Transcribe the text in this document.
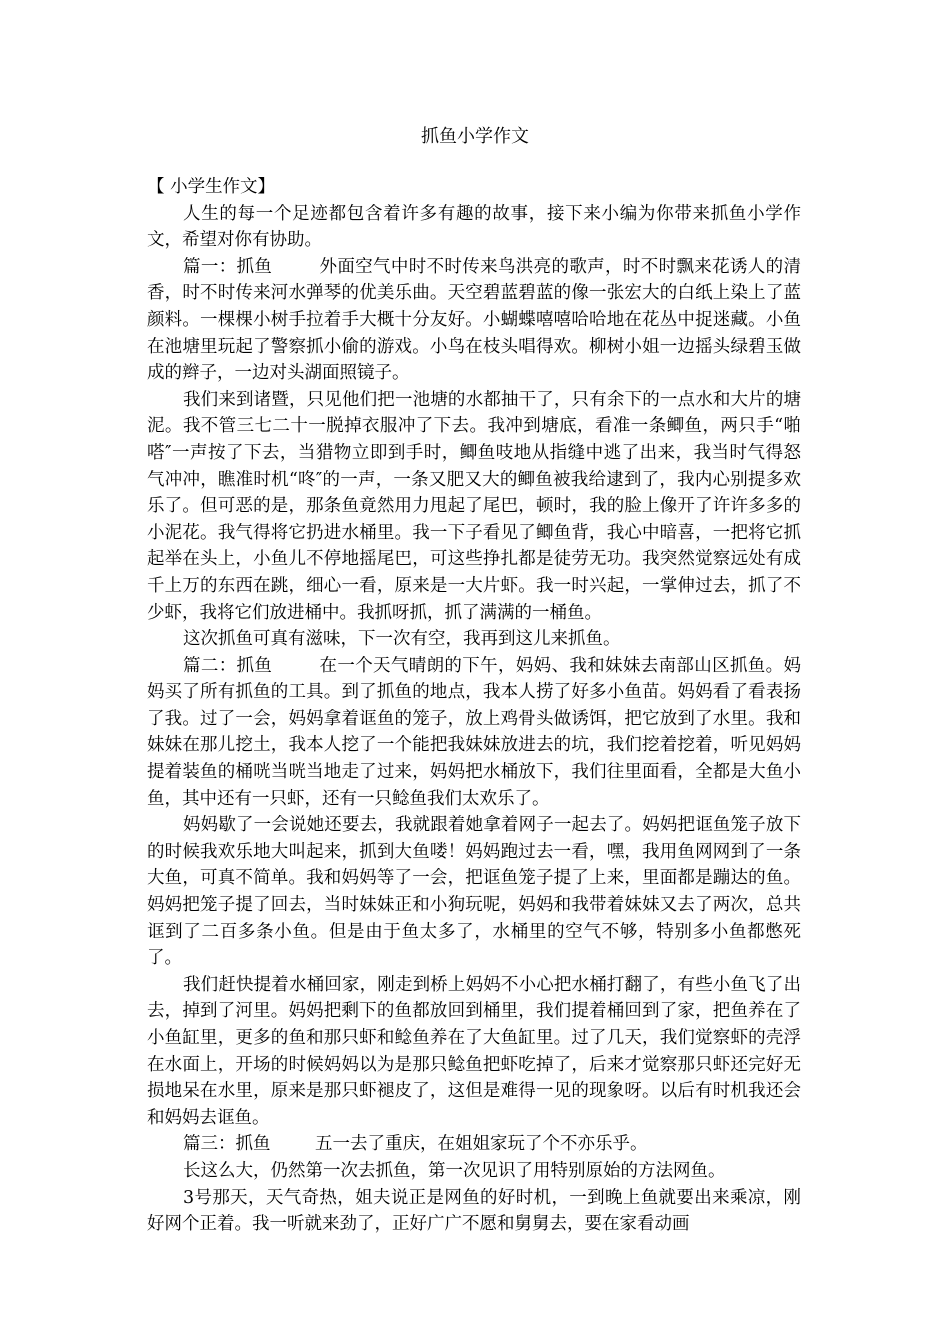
抓鱼小学作文

【 小学生作文】

人生的每一个足迹都包含着许多有趣的故事，接下来小编为你带来抓鱼小学作文，希望对你有协助。

篇一：抓鱼        外面空气中时不时传来鸟洪亮的歌声，时不时飘来花诱人的清香，时不时传来河水弹琴的优美乐曲。天空碧蓝碧蓝的像一张宏大的白纸上染上了蓝颜料。一棵棵小树手拉着手大概十分友好。小蝴蝶嘻嘻哈哈地在花丛中捉迷藏。小鱼在池塘里玩起了警察抓小偷的游戏。小鸟在枝头唱得欢。柳树小姐一边摇头绿碧玉做成的辫子，一边对头湖面照镜子。

我们来到诸暨，只见他们把一池塘的水都抽干了，只有余下的一点水和大片的塘泥。我不管三七二十一脱掉衣服冲了下去。我冲到塘底，看准一条鲫鱼，两只手“啪嗒″一声按了下去，当猎物立即到手时，鲫鱼吱地从指缝中逃了出来，我当时气得怒气冲冲，瞧准时机“咚″的一声，一条又肥又大的鲫鱼被我给逮到了，我内心别提多欢乐了。但可恶的是，那条鱼竟然用力甩起了尾巴，顿时，我的脸上像开了许许多多的小泥花。我气得将它扔进水桶里。我一下子看见了鲫鱼背，我心中暗喜，一把将它抓起举在头上，小鱼儿不停地摇尾巴，可这些挣扎都是徒劳无功。我突然觉察远处有成千上万的东西在跳，细心一看，原来是一大片虾。我一时兴起，一掌伸过去，抓了不少虾，我将它们放进桶中。我抓呀抓，抓了满满的一桶鱼。

这次抓鱼可真有滋味，下一次有空，我再到这儿来抓鱼。

篇二：抓鱼        在一个天气晴朗的下午，妈妈、我和妹妹去南部山区抓鱼。妈妈买了所有抓鱼的工具。到了抓鱼的地点，我本人捞了好多小鱼苗。妈妈看了看表扬了我。过了一会，妈妈拿着诓鱼的笼子，放上鸡骨头做诱饵，把它放到了水里。我和妹妹在那儿挖土，我本人挖了一个能把我妹妹放进去的坑，我们挖着挖着，听见妈妈提着装鱼的桶咣当咣当地走了过来，妈妈把水桶放下，我们往里面看，全都是大鱼小鱼，其中还有一只虾，还有一只鲶鱼我们太欢乐了。

妈妈歇了一会说她还要去，我就跟着她拿着网子一起去了。妈妈把诓鱼笼子放下的时候我欢乐地大叫起来，抓到大鱼喽！妈妈跑过去一看，嘿，我用鱼网网到了一条大鱼，可真不简单。我和妈妈等了一会，把诓鱼笼子提了上来，里面都是蹦达的鱼。妈妈把笼子提了回去，当时妹妹正和小狗玩呢，妈妈和我带着妹妹又去了两次，总共诓到了二百多条小鱼。但是由于鱼太多了，水桶里的空气不够，特别多小鱼都憋死了。

我们赶快提着水桶回家，刚走到桥上妈妈不小心把水桶打翻了，有些小鱼飞了出去，掉到了河里。妈妈把剩下的鱼都放回到桶里，我们提着桶回到了家，把鱼养在了小鱼缸里，更多的鱼和那只虾和鲶鱼养在了大鱼缸里。过了几天，我们觉察虾的壳浮在水面上，开场的时候妈妈以为是那只鲶鱼把虾吃掉了，后来才觉察那只虾还完好无损地呆在水里，原来是那只虾褪皮了，这但是难得一见的现象呀。以后有时机我还会和妈妈去诓鱼。

篇三：抓鱼        五一去了重庆，在姐姐家玩了个不亦乐乎。

长这么大，仍然第一次去抓鱼，第一次见识了用特别原始的方法网鱼。

3号那天，天气奇热，姐夫说正是网鱼的好时机，一到晚上鱼就要出来乘凉，刚好网个正着。我一听就来劲了，正好广广不愿和舅舅去，要在家看动画
